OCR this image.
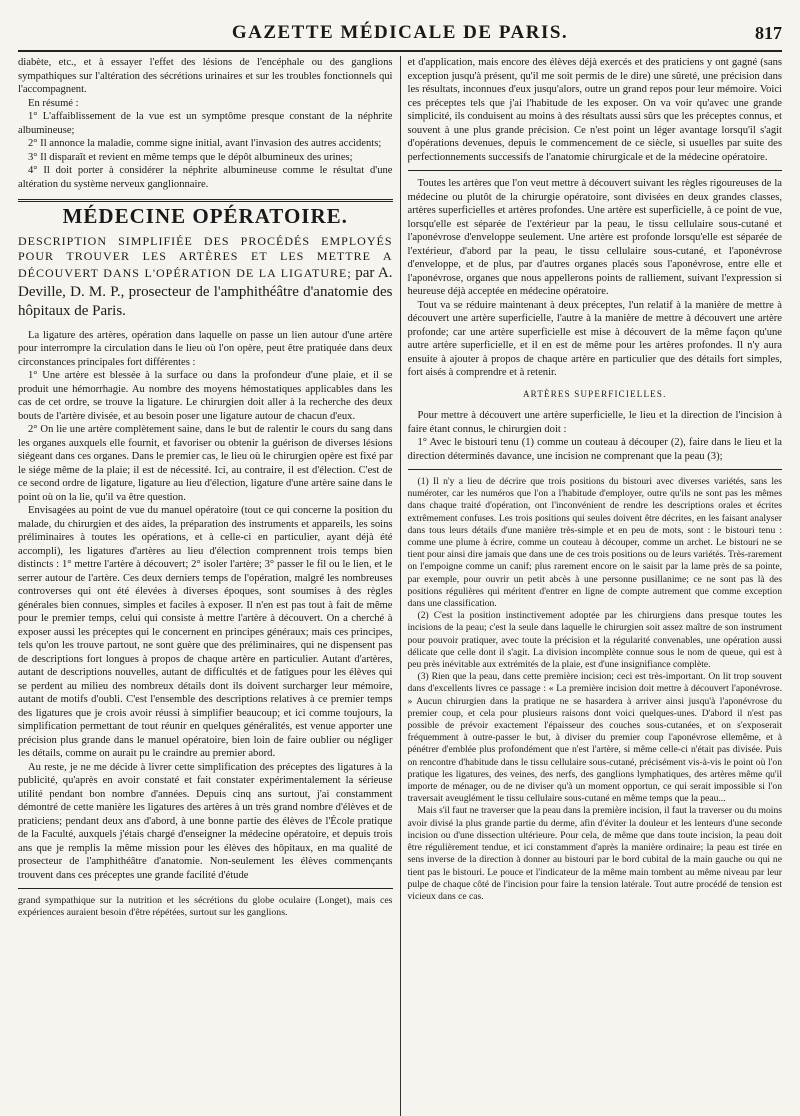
GAZETTE MÉDICALE DE PARIS.	817

diabète, etc., et à essayer l'effet des lésions de l'encéphale ou des ganglions sympathiques sur l'altération des sécrétions urinaires et sur les troubles fonctionnels qui l'accompagnent.

En résumé :

1° L'affaiblissement de la vue est un symptôme presque constant de la néphrite albumineuse;

2° Il annonce la maladie, comme signe initial, avant l'invasion des autres accidents;

3° Il disparaît et revient en même temps que le dépôt albumineux des urines;

4° Il doit porter à considérer la néphrite albumineuse comme le résultat d'une altération du système nerveux ganglionnaire.

MÉDECINE OPÉRATOIRE.
DESCRIPTION SIMPLIFIÉE DES PROCÉDÉS EMPLOYÉS POUR TROUVER LES ARTÈRES ET LES METTRE A DÉCOUVERT DANS L'OPÉRATION DE LA LIGATURE; par A. Deville, D. M. P., prosecteur de l'amphithéâtre d'anatomie des hôpitaux de Paris.

La ligature des artères, opération dans laquelle on passe un lien autour d'une artère pour interrompre la circulation dans le lieu où l'on opère, peut être pratiquée dans deux circonstances principales fort différentes :

1° Une artère est blessée à la surface ou dans la profondeur d'une plaie, et il se produit une hémorrhagie. Au nombre des moyens hémostatiques applicables dans les cas de cet ordre, se trouve la ligature. Le chirurgien doit aller à la recherche des deux bouts de l'artère divisée, et au besoin poser une ligature autour de chacun d'eux.

2° On lie une artère complètement saine, dans le but de ralentir le cours du sang dans les organes auxquels elle fournit, et favoriser ou obtenir la guérison de diverses lésions siégeant dans ces organes. Dans le premier cas, le lieu où le chirurgien opère est fixé par le siége même de la plaie; il est de nécessité. Ici, au contraire, il est d'élection. C'est de ce second ordre de ligature, ligature au lieu d'élection, ligature d'une artère saine dans le point où on la lie, qu'il va être question.

Envisagées au point de vue du manuel opératoire (tout ce qui concerne la position du malade, du chirurgien et des aides, la préparation des instruments et appareils, les soins préliminaires à toutes les opérations, et à celle-ci en particulier, ayant déjà été accompli), les ligatures d'artères au lieu d'élection comprennent trois temps bien distincts : 1° mettre l'artère à découvert; 2° isoler l'artère; 3° passer le fil ou le lien, et le serrer autour de l'artère. Ces deux derniers temps de l'opération, malgré les nombreuses controverses qui ont été élevées à diverses époques, sont soumises à des règles générales bien connues, simples et faciles à exposer. Il n'en est pas tout à fait de même pour le premier temps, celui qui consiste à mettre l'artère à découvert. On a cherché à exposer aussi les préceptes qui le concernent en principes généraux; mais ces principes, tels qu'on les trouve partout, ne sont guère que des préliminaires, qui ne dispensent pas de descriptions fort longues à propos de chaque artère en particulier. Autant d'artères, autant de descriptions nouvelles, autant de difficultés et de fatigues pour les élèves qui se perdent au milieu des nombreux détails dont ils doivent surcharger leur mémoire, autant de motifs d'oubli. C'est l'ensemble des descriptions relatives à ce premier temps des ligatures que je crois avoir réussi à simplifier beaucoup; et ici comme toujours, la simplification permettant de tout réunir en quelques généralités, est venue apporter une précision plus grande dans le manuel opératoire, bien loin de faire oublier ou négliger les détails, comme on aurait pu le craindre au premier abord.

Au reste, je ne me décide à livrer cette simplification des préceptes des ligatures à la publicité, qu'après en avoir constaté et fait constater expérimentalement la sérieuse utilité pendant bon nombre d'années. Depuis cinq ans surtout, j'ai constamment démontré de cette manière les ligatures des artères à un très grand nombre d'élèves et de praticiens; pendant deux ans d'abord, à une bonne partie des élèves de l'École pratique de la Faculté, auxquels j'étais chargé d'enseigner la médecine opératoire, et depuis trois ans que je remplis la même mission pour les élèves des hôpitaux, en ma qualité de prosecteur de l'amphithéâtre d'anatomie. Non-seulement les élèves commençants trouvent dans ces préceptes une grande facilité d'étude

grand sympathique sur la nutrition et les sécrétions du globe oculaire (Longet), mais ces expériences auraient besoin d'être répétées, surtout sur les ganglions.

et d'application, mais encore des élèves déjà exercés et des praticiens y ont gagné (sans exception jusqu'à présent, qu'il me soit permis de le dire) une sûreté, une précision dans les résultats, inconnues d'eux jusqu'alors, outre un grand repos pour leur mémoire. Voici ces préceptes tels que j'ai l'habitude de les exposer. On va voir qu'avec une grande simplicité, ils conduisent au moins à des résultats aussi sûrs que les préceptes connus, et souvent à une plus grande précision. Ce n'est point un léger avantage lorsqu'il s'agit d'opérations devenues, depuis le commencement de ce siècle, si usuelles par suite des perfectionnements successifs de l'anatomie chirurgicale et de la médecine opératoire.

Toutes les artères que l'on veut mettre à découvert suivant les règles rigoureuses de la médecine ou plutôt de la chirurgie opératoire, sont divisées en deux grandes classes, artères superficielles et artères profondes. Une artère est superficielle, à ce point de vue, lorsqu'elle est séparée de l'extérieur par la peau, le tissu cellulaire sous-cutané et l'aponévrose d'enveloppe seulement. Une artère est profonde lorsqu'elle est séparée de l'extérieur, d'abord par la peau, le tissu cellulaire sous-cutané, et l'aponévrose d'enveloppe, et de plus, par d'autres organes placés sous l'aponévrose, entre elle et l'aponévrose, organes que nous appellerons points de ralliement, suivant l'expression si heureuse déjà acceptée en médecine opératoire.

Tout va se réduire maintenant à deux préceptes, l'un relatif à la manière de mettre à découvert une artère superficielle, l'autre à la manière de mettre à découvert une artère profonde; car une artère superficielle est mise à découvert de la même façon qu'une autre artère superficielle, et il en est de même pour les artères profondes. Il n'y aura ensuite à ajouter à propos de chaque artère en particulier que des détails fort simples, fort aisés à comprendre et à retenir.

ARTÈRES SUPERFICIELLES.

Pour mettre à découvert une artère superficielle, le lieu et la direction de l'incision à faire étant connus, le chirurgien doit :

1° Avec le bistouri tenu (1) comme un couteau à découper (2), faire dans le lieu et la direction déterminés davance, une incision ne comprenant que la peau (3);

(1) Il n'y a lieu de décrire que trois positions du bistouri avec diverses variétés, sans les numéroter, car les numéros que l'on a l'habitude d'employer, outre qu'ils ne sont pas les mêmes dans chaque traité d'opération, ont l'inconvénient de rendre les descriptions orales et écrites extrêmement confuses. Les trois positions qui seules doivent être décrites, en les faisant analyser dans tous leurs détails d'une manière très-simple et en peu de mots, sont : le bistouri tenu : comme une plume à écrire, comme un couteau à découper, comme un archet. Le bistouri ne se tient pour ainsi dire jamais que dans une de ces trois positions ou de leurs variétés. Très-rarement on l'empoigne comme un canif; plus rarement encore on le saisit par la lame près de sa pointe, par exemple, pour ouvrir un petit abcès à une personne pusillanime; ce ne sont pas là des positions régulières qui méritent d'entrer en ligne de compte autrement que comme exception dans une classification.

(2) C'est la position instinctivement adoptée par les chirurgiens dans presque toutes les incisions de la peau; c'est la seule dans laquelle le chirurgien soit assez maître de son instrument pour pouvoir pratiquer, avec toute la précision et la régularité convenables, une opération aussi délicate que celle dont il s'agit. La division incomplète connue sous le nom de queue, qui est à peu près inévitable aux extrémités de la plaie, est d'une insignifiance complète.

(3) Rien que la peau, dans cette première incision; ceci est très-important. On lit trop souvent dans d'excellents livres ce passage : « La première incision doit mettre à découvert l'aponévrose. » Aucun chirurgien dans la pratique ne se hasardera à arriver ainsi jusqu'à l'aponévrose du premier coup, et cela pour plusieurs raisons dont voici quelques-unes. D'abord il n'est pas possible de prévoir exactement l'épaisseur des couches sous-cutanées, et on s'exposerait fréquemment à outre-passer le but, à diviser du premier coup l'aponévrose ellemême, et à pénétrer d'emblée plus profondément que n'est l'artère, si même celle-ci n'était pas divisée. Puis on rencontre d'habitude dans le tissu cellulaire sous-cutané, précisément vis-à-vis le point où l'on pratique les ligatures, des veines, des nerfs, des ganglions lymphatiques, des artères même qu'il importe de ménager, ou de ne diviser qu'à un moment opportun, ce qui serait impossible si l'on traversait aveuglément le tissu cellulaire sous-cutané en même temps que la peau...

Mais s'il faut ne traverser que la peau dans la première incision, il faut la traverser ou du moins avoir divisé la plus grande partie du derme, afin d'éviter la douleur et les lenteurs d'une seconde incision ou d'une dissection ultérieure. Pour cela, de même que dans toute incision, la peau doit être régulièrement tendue, et ici constamment d'après la manière ordinaire; la peau est tirée en sens inverse de la direction à donner au bistouri par le bord cubital de la main gauche ou qui ne tient pas le bistouri. Le pouce et l'indicateur de la même main tombent au même niveau par leur pulpe de chaque côté de l'incision pour faire la tension latérale. Tout autre procédé de tension est vicieux dans ce cas.
